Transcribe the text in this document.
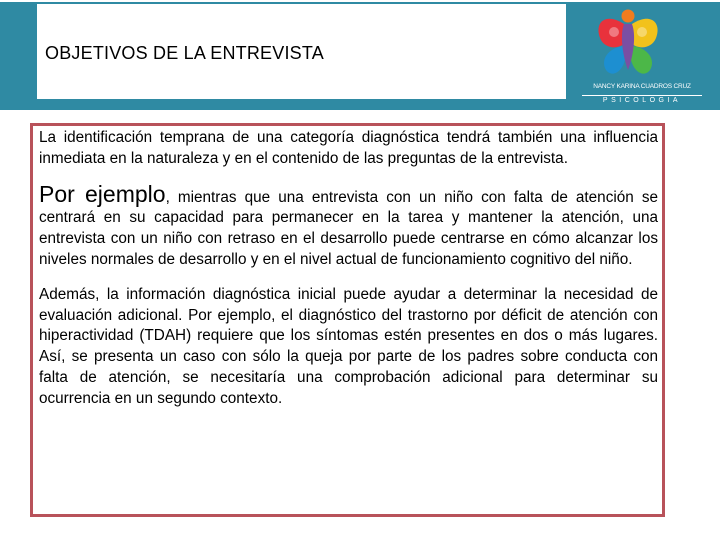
OBJETIVOS DE LA ENTREVISTA
NANCY KARINA CUADROS CRUZ
PSICOLOGIA

La identificación temprana de una categoría diagnóstica tendrá también una influencia inmediata en la naturaleza y en el contenido de las preguntas de la entrevista.

Por ejemplo, mientras que una entrevista con un niño con falta de atención se centrará en su capacidad para permanecer en la tarea y mantener la atención, una entrevista con un niño con retraso en el desarrollo puede centrarse en cómo alcanzar los niveles normales de desarrollo y en el nivel actual de funcionamiento cognitivo del niño.

Además, la información diagnóstica inicial puede ayudar a determinar la necesidad de evaluación adicional. Por ejemplo, el diagnóstico del trastorno por déficit de atención con hiperactividad (TDAH) requiere que los síntomas estén presentes en dos o más lugares. Así, se presenta un caso con sólo la queja por parte de los padres sobre conducta con falta de atención, se necesitaría una comprobación adicional para determinar su ocurrencia en un segundo contexto.
